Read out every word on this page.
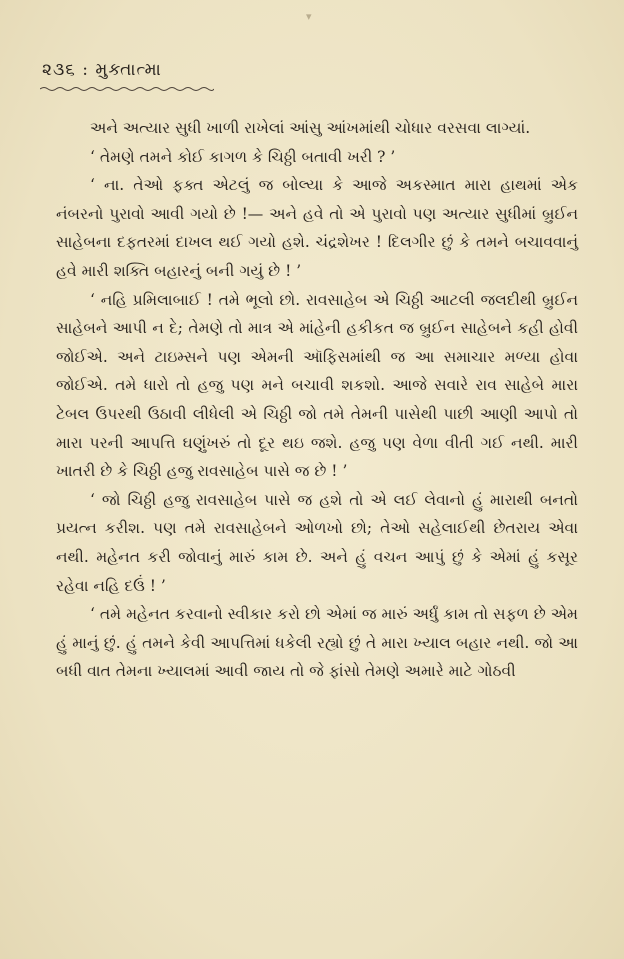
▾
૨૩૬ : મુક્તાત્મા

અને અત્યાર સુધી ખાળી રાખેલાં આંસુ આંખમાંથી ચોધાર વરસવા લાગ્યાં.

‘ તેમણે તમને કોઈ કાગળ કે ચિઠ્ઠી બતાવી ખરી ? ’

‘ ના. તેઓ ફક્ત એટલું જ બોલ્યા કે આજે અકસ્માત મારા હાથમાં એક નંબરનો પુરાવો આવી ગયો છે !— અને હવે તો એ પુરાવો પણ અત્યાર સુધીમાં બ્રુઈન સાહેબના દફતરમાં દાખલ થઈ ગયો હશે. ચંદ્રશેખર ! દિલગીર છું કે તમને બચાવવાનું હવે મારી શક્તિ બહારનું બની ગયું છે ! ’

‘ નહિ પ્રમિલાબાઈ ! તમે ભૂલો છો. રાવસાહેબ એ ચિઠ્ઠી આટલી જલદીથી બ્રુઈન સાહેબને આપી ન દે; તેમણે તો માત્ર એ માંહેની હકીકત જ બ્રુઈન સાહેબને કહી હોવી જોઈએ. અને ટાઇમ્સને પણ એમની ઑફિસમાંથી જ આ સમાચાર મળ્યા હોવા જોઈએ. તમે ધારો તો હજુ પણ મને બચાવી શકશો. આજે સવારે રાવ સાહેબે મારા ટેબલ ઉપરથી ઉઠાવી લીધેલી એ ચિઠ્ઠી જો તમે તેમની પાસેથી પાછી આણી આપો તો મારા પરની આપત્તિ ઘણુંખરું તો દૂર થઇ જશે. હજુ પણ વેળા વીતી ગઈ નથી. મારી ખાતરી છે કે ચિઠ્ઠી હજુ રાવસાહેબ પાસે જ છે ! ’

‘ જો ચિઠ્ઠી હજુ રાવસાહેબ પાસે જ હશે તો એ લઈ લેવાનો હું મારાથી બનતો પ્રયત્ન કરીશ. પણ તમે રાવસાહેબને ઓળખો છો; તેઓ સહેલાઈથી છેતરાય એવા નથી. મહેનત કરી જોવાનું મારું કામ છે. અને હું વચન આપું છું કે એમાં હું કસૂર રહેવા નહિ દઉં ! ’

‘ તમે મહેનત કરવાનો સ્વીકાર કરો છો એમાં જ મારું અર્ધું કામ તો સફળ છે એમ હું માનું છું. હું તમને કેવી આપત્તિમાં ધકેલી રહ્યો છું તે મારા ખ્યાલ બહાર નથી. જો આ બધી વાત તેમના ખ્યાલમાં આવી જાય તો જે ફાંસો તેમણે અમારે માટે ગોઠવી
